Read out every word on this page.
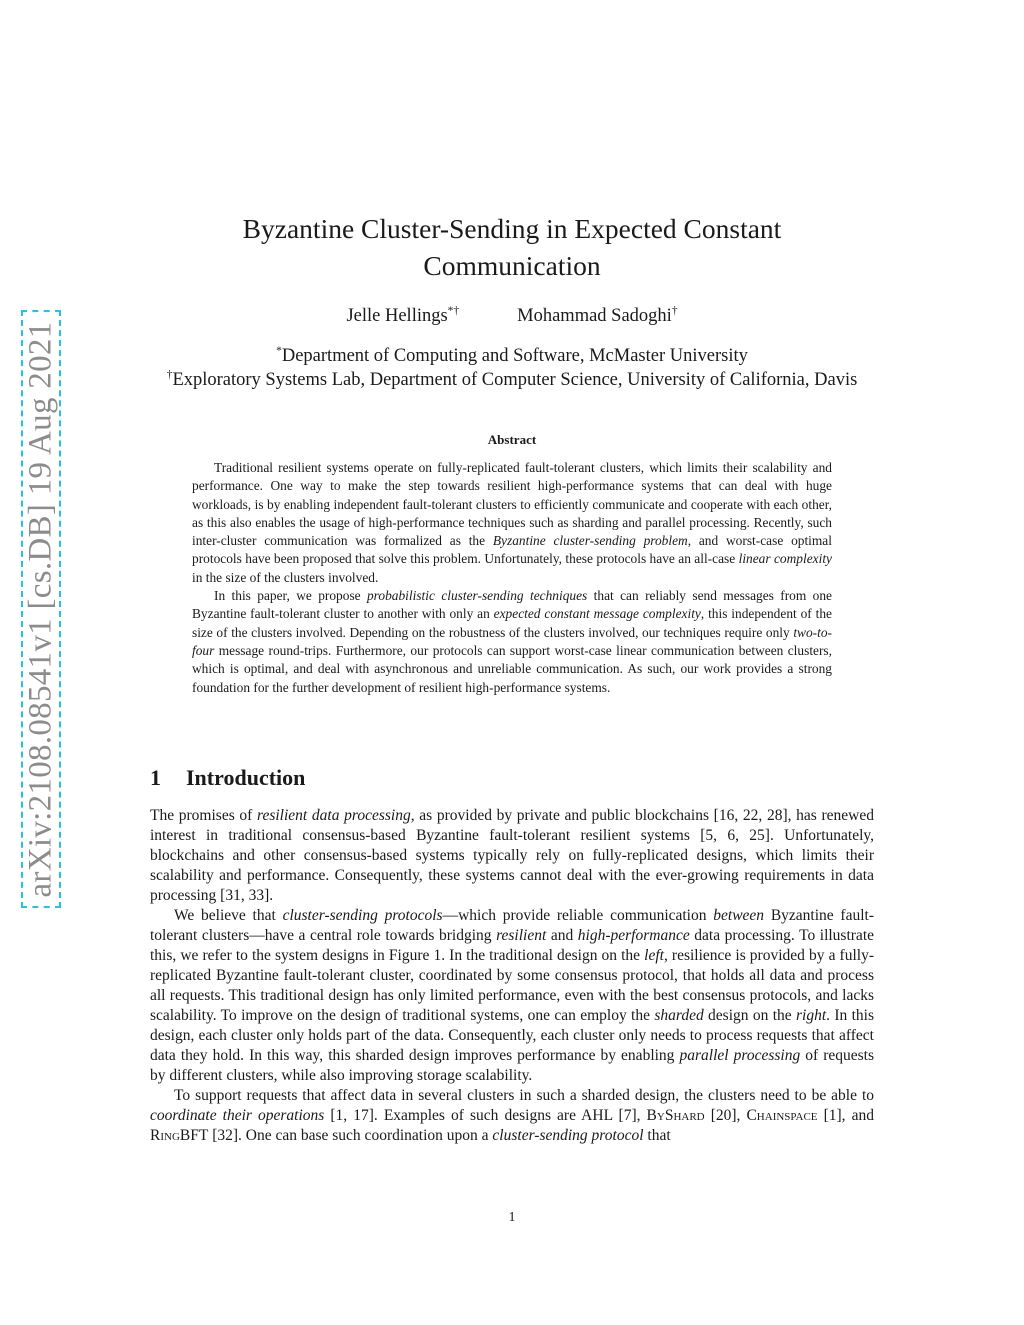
arXiv:2108.08541v1 [cs.DB] 19 Aug 2021
Byzantine Cluster-Sending in Expected Constant
Communication
Jelle Hellings*†	Mohammad Sadoghi†
*Department of Computing and Software, McMaster University
†Exploratory Systems Lab, Department of Computer Science, University of California, Davis
Abstract

Traditional resilient systems operate on fully-replicated fault-tolerant clusters, which limits their scalability and performance. One way to make the step towards resilient high-performance systems that can deal with huge workloads, is by enabling independent fault-tolerant clusters to efficiently communicate and cooperate with each other, as this also enables the usage of high-performance techniques such as sharding and parallel processing. Recently, such inter-cluster communication was formalized as the Byzantine cluster-sending problem, and worst-case optimal protocols have been proposed that solve this problem. Unfortunately, these protocols have an all-case linear complexity in the size of the clusters involved.

In this paper, we propose probabilistic cluster-sending techniques that can reliably send messages from one Byzantine fault-tolerant cluster to another with only an expected constant message complexity, this independent of the size of the clusters involved. Depending on the robustness of the clusters involved, our techniques require only two-to-four message round-trips. Furthermore, our protocols can support worst-case linear communication between clusters, which is optimal, and deal with asynchronous and unreliable communication. As such, our work provides a strong foundation for the further development of resilient high-performance systems.

1 Introduction

The promises of resilient data processing, as provided by private and public blockchains [16, 22, 28], has renewed interest in traditional consensus-based Byzantine fault-tolerant resilient systems [5, 6, 25]. Unfortunately, blockchains and other consensus-based systems typically rely on fully-replicated designs, which limits their scalability and performance. Consequently, these systems cannot deal with the ever-growing requirements in data processing [31, 33].

We believe that cluster-sending protocols—which provide reliable communication between Byzantine fault-tolerant clusters—have a central role towards bridging resilient and high-performance data processing. To illustrate this, we refer to the system designs in Figure 1. In the traditional design on the left, resilience is provided by a fully-replicated Byzantine fault-tolerant cluster, coordinated by some consensus protocol, that holds all data and process all requests. This traditional design has only limited performance, even with the best consensus protocols, and lacks scalability. To improve on the design of traditional systems, one can employ the sharded design on the right. In this design, each cluster only holds part of the data. Consequently, each cluster only needs to process requests that affect data they hold. In this way, this sharded design improves performance by enabling parallel processing of requests by different clusters, while also improving storage scalability.

To support requests that affect data in several clusters in such a sharded design, the clusters need to be able to coordinate their operations [1, 17]. Examples of such designs are AHL [7], ByShard [20], Chainspace [1], and RingBFT [32]. One can base such coordination upon a cluster-sending protocol that

1
